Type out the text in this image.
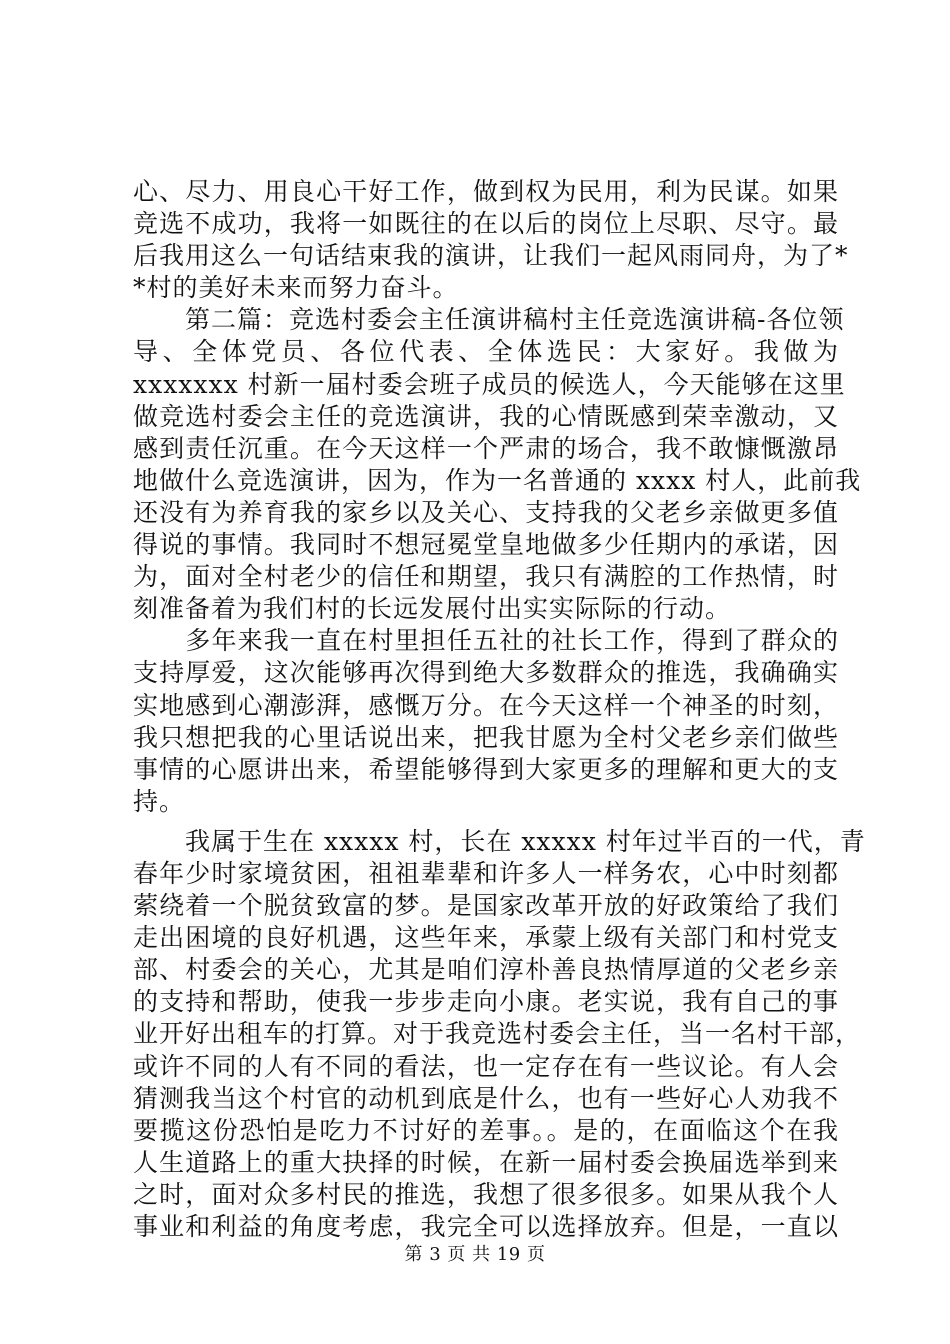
心、尽力、用良心干好工作，做到权为民用，利为民谋。如果
竞选不成功，我将一如既往的在以后的岗位上尽职、尽守。最
后我用这么一句话结束我的演讲，让我们一起风雨同舟，为了*
*村的美好未来而努力奋斗。
　　第二篇：竞选村委会主任演讲稿村主任竞选演讲稿-各位领
导、全体党员、各位代表、全体选民：大家好。我做为
xxxxxxx 村新一届村委会班子成员的候选人，今天能够在这里
做竞选村委会主任的竞选演讲，我的心情既感到荣幸激动，又
感到责任沉重。在今天这样一个严肃的场合，我不敢慷慨激昂
地做什么竞选演讲，因为，作为一名普通的 xxxx 村人，此前我
还没有为养育我的家乡以及关心、支持我的父老乡亲做更多值
得说的事情。我同时不想冠冕堂皇地做多少任期内的承诺，因
为，面对全村老少的信任和期望，我只有满腔的工作热情，时
刻准备着为我们村的长远发展付出实实际际的行动。
　　多年来我一直在村里担任五社的社长工作，得到了群众的
支持厚爱，这次能够再次得到绝大多数群众的推选，我确确实
实地感到心潮澎湃，感慨万分。在今天这样一个神圣的时刻，
我只想把我的心里话说出来，把我甘愿为全村父老乡亲们做些
事情的心愿讲出来，希望能够得到大家更多的理解和更大的支
持。
　　我属于生在 xxxxx 村，长在 xxxxx 村年过半百的一代，青
春年少时家境贫困，祖祖辈辈和许多人一样务农，心中时刻都
萦绕着一个脱贫致富的梦。是国家改革开放的好政策给了我们
走出困境的良好机遇，这些年来，承蒙上级有关部门和村党支
部、村委会的关心，尤其是咱们淳朴善良热情厚道的父老乡亲
的支持和帮助，使我一步步走向小康。老实说，我有自己的事
业开好出租车的打算。对于我竞选村委会主任，当一名村干部，
或许不同的人有不同的看法，也一定存在有一些议论。有人会
猜测我当这个村官的动机到底是什么，也有一些好心人劝我不
要揽这份恐怕是吃力不讨好的差事。。是的，在面临这个在我
人生道路上的重大抉择的时候，在新一届村委会换届选举到来
之时，面对众多村民的推选，我想了很多很多。如果从我个人
事业和利益的角度考虑，我完全可以选择放弃。但是，一直以
第 3 页 共 19 页
